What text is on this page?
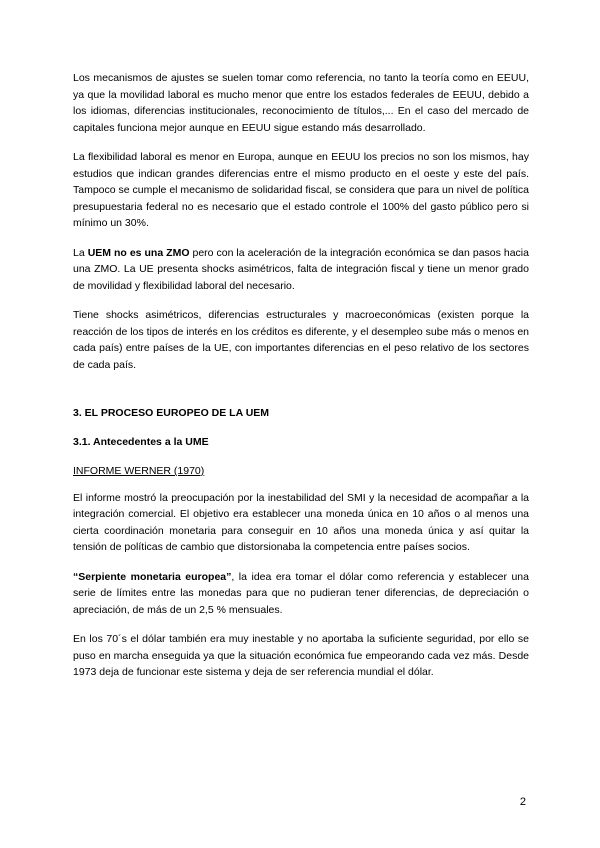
Los mecanismos de ajustes se suelen tomar como referencia, no tanto la teoría como en EEUU, ya que la movilidad laboral es mucho menor que entre los estados federales de EEUU, debido a los idiomas, diferencias institucionales, reconocimiento de títulos,... En el caso del mercado de capitales funciona mejor aunque en EEUU sigue estando más desarrollado.

La flexibilidad laboral es menor en Europa, aunque en EEUU los precios no son los mismos, hay estudios que indican grandes diferencias entre el mismo producto en el oeste y este del país. Tampoco se cumple el mecanismo de solidaridad fiscal, se considera que para un nivel de política presupuestaria federal no es necesario que el estado controle el 100% del gasto público pero si mínimo un 30%.

La UEM no es una ZMO pero con la aceleración de la integración económica se dan pasos hacia una ZMO. La UE presenta shocks asimétricos, falta de integración fiscal y tiene un menor grado de movilidad y flexibilidad laboral del necesario.

Tiene shocks asimétricos, diferencias estructurales y macroeconómicas (existen porque la reacción de los tipos de interés en los créditos es diferente, y el desempleo sube más o menos en cada país) entre países de la UE, con importantes diferencias en el peso relativo de los sectores de cada país.

3. EL PROCESO EUROPEO DE LA UEM

3.1. Antecedentes a la UME

INFORME WERNER (1970)

El informe mostró la preocupación por la inestabilidad del SMI y la necesidad de acompañar a la integración comercial. El objetivo era establecer una moneda única en 10 años o al menos una cierta coordinación monetaria para conseguir en 10 años una moneda única y así quitar la tensión de políticas de cambio que distorsionaba la competencia entre países socios.

“Serpiente monetaria europea”, la idea era tomar el dólar como referencia y establecer una serie de límites entre las monedas para que no pudieran tener diferencias, de depreciación o apreciación, de más de un 2,5 % mensuales.

En los 70´s el dólar también era muy inestable y no aportaba la suficiente seguridad, por ello se puso en marcha enseguida ya que la situación económica fue empeorando cada vez más. Desde 1973 deja de funcionar este sistema y deja de ser referencia mundial el dólar.

2
